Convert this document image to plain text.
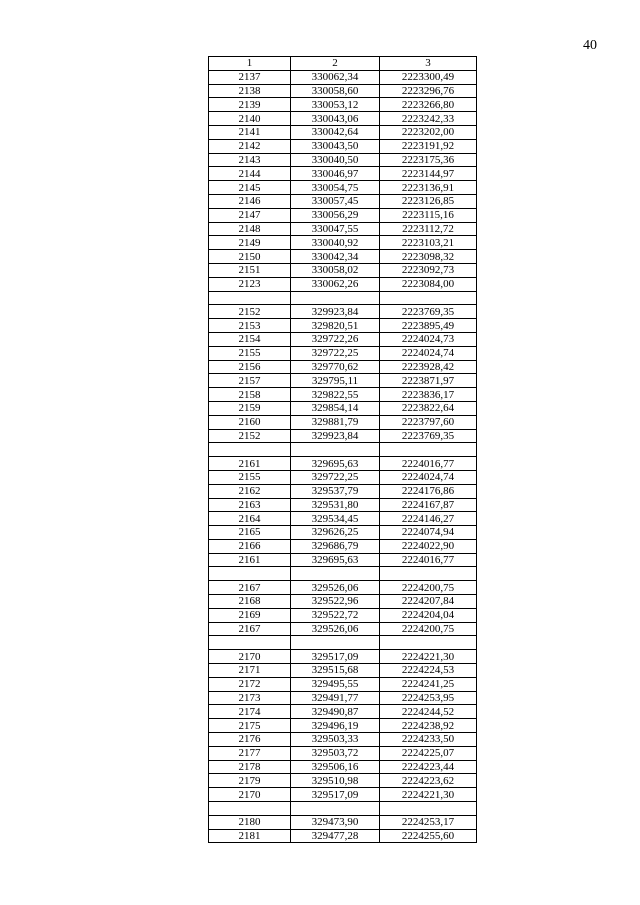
40
1	2	3
2137	330062,34	2223300,49
2138	330058,60	2223296,76
2139	330053,12	2223266,80
2140	330043,06	2223242,33
2141	330042,64	2223202,00
2142	330043,50	2223191,92
2143	330040,50	2223175,36
2144	330046,97	2223144,97
2145	330054,75	2223136,91
2146	330057,45	2223126,85
2147	330056,29	2223115,16
2148	330047,55	2223112,72
2149	330040,92	2223103,21
2150	330042,34	2223098,32
2151	330058,02	2223092,73
2123	330062,26	2223084,00

2152	329923,84	2223769,35
2153	329820,51	2223895,49
2154	329722,26	2224024,73
2155	329722,25	2224024,74
2156	329770,62	2223928,42
2157	329795,11	2223871,97
2158	329822,55	2223836,17
2159	329854,14	2223822,64
2160	329881,79	2223797,60
2152	329923,84	2223769,35

2161	329695,63	2224016,77
2155	329722,25	2224024,74
2162	329537,79	2224176,86
2163	329531,80	2224167,87
2164	329534,45	2224146,27
2165	329626,25	2224074,94
2166	329686,79	2224022,90
2161	329695,63	2224016,77

2167	329526,06	2224200,75
2168	329522,96	2224207,84
2169	329522,72	2224204,04
2167	329526,06	2224200,75

2170	329517,09	2224221,30
2171	329515,68	2224224,53
2172	329495,55	2224241,25
2173	329491,77	2224253,95
2174	329490,87	2224244,52
2175	329496,19	2224238,92
2176	329503,33	2224233,50
2177	329503,72	2224225,07
2178	329506,16	2224223,44
2179	329510,98	2224223,62
2170	329517,09	2224221,30

2180	329473,90	2224253,17
2181	329477,28	2224255,60
